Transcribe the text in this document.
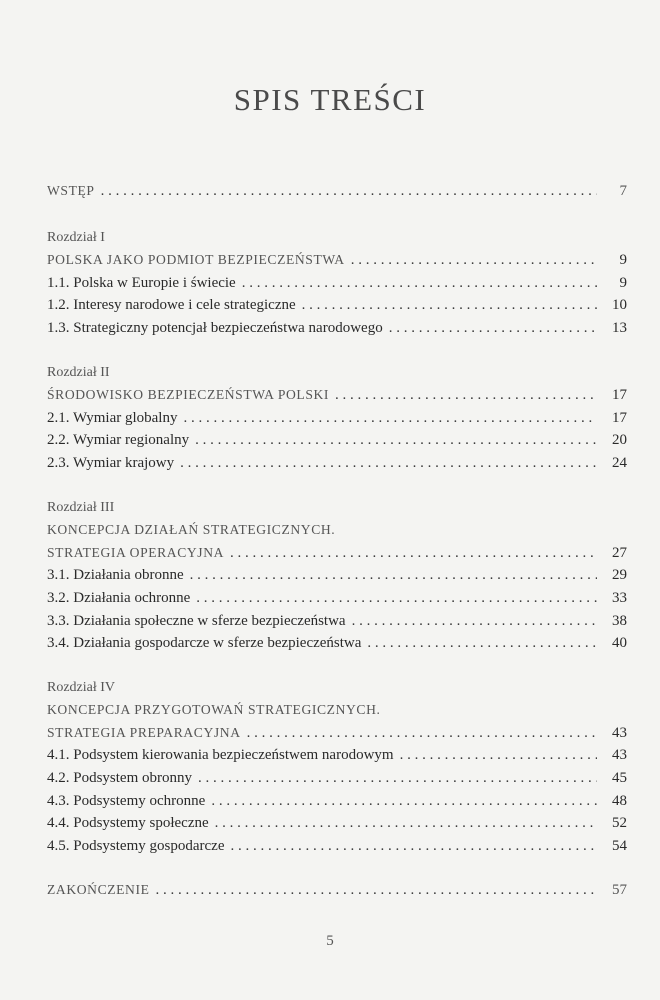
SPIS TREŚCI
WSTĘP . . .	7
Rozdział I
POLSKA JAKO PODMIOT BEZPIECZEŃSTWA . . .	9
1.1. Polska w Europie i świecie . . .	9
1.2. Interesy narodowe i cele strategiczne . . .	10
1.3. Strategiczny potencjał bezpieczeństwa narodowego . . .	13
Rozdział II
ŚRODOWISKO BEZPIECZEŃSTWA POLSKI . . .	17
2.1. Wymiar globalny . . .	17
2.2. Wymiar regionalny . . .	20
2.3. Wymiar krajowy . . .	24
Rozdział III
KONCEPCJA DZIAŁAŃ STRATEGICZNYCH.
STRATEGIA OPERACYJNA . . .	27
3.1. Działania obronne . . .	29
3.2. Działania ochronne . . .	33
3.3. Działania społeczne w sferze bezpieczeństwa . . .	38
3.4. Działania gospodarcze w sferze bezpieczeństwa . . .	40
Rozdział IV
KONCEPCJA PRZYGOTOWAŃ STRATEGICZNYCH.
STRATEGIA PREPARACYJNA . . .	43
4.1. Podsystem kierowania bezpieczeństwem narodowym . . .	43
4.2. Podsystem obronny . . .	45
4.3. Podsystemy ochronne . . .	48
4.4. Podsystemy społeczne . . .	52
4.5. Podsystemy gospodarcze . . .	54
ZAKOŃCZENIE . . .	57
5
